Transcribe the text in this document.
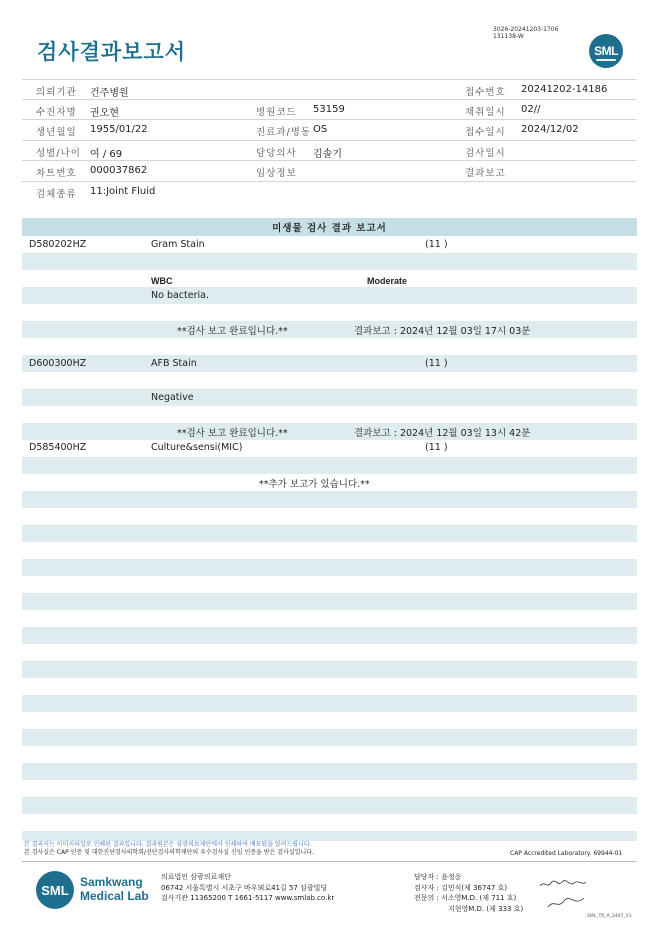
검사결과보고서
3026-20241203-1706
131138-W
SML
의뢰기관 건주병원	접수번호 20241202-14186
수진자명 권오현	병원코드 53159	채취일시 02//
생년월일 1955/01/22	진료과/병동 OS	접수일시 2024/12/02
성별/나이 여 / 69	담당의사 김솔기	검사일시
차트번호 000037862	임상정보	결과보고
검체종류 11:Joint Fluid
미생물 검사 결과 보고서
D580202HZ	Gram Stain	(11 )
WBC	Moderate
No bacteria.
**검사 보고 완료입니다.**	결과보고 : 2024년 12월 03일 17시 03분
D600300HZ	AFB Stain	(11 )
Negative
**검사 보고 완료입니다.**	결과보고 : 2024년 12월 03일 13시 42분
D585400HZ	Culture&sensi(MIC)	(11 )
**추가 보고가 있습니다.**
본 결과지는 이미지파일로 인쇄된 결과입니다. 결과원본은 삼광의료재단에서 인쇄하여 배포됨을 알려드립니다.
본 검사실은 CAP 인증 및 대한진단검사의학회/진단검사의학재단의 우수검사실 신임 인증을 받은 검사실입니다.	CAP Accredited Laboratory. 69944-01
SML
Samkwang
Medical Lab
의료법인 삼광의료재단
06742 서울특별시 서초구 바우뫼로41길 57 삼광빌딩
검사기관 11365200 T 1661-5117 www.smlab.co.kr
담당자 : 윤정응
검사자 : 김민식(제 36747 호)
전문의 : 서소영M.D. (제 711 호)
지현영M.D. (제 333 호)
SML_TR_A_2407_V1
